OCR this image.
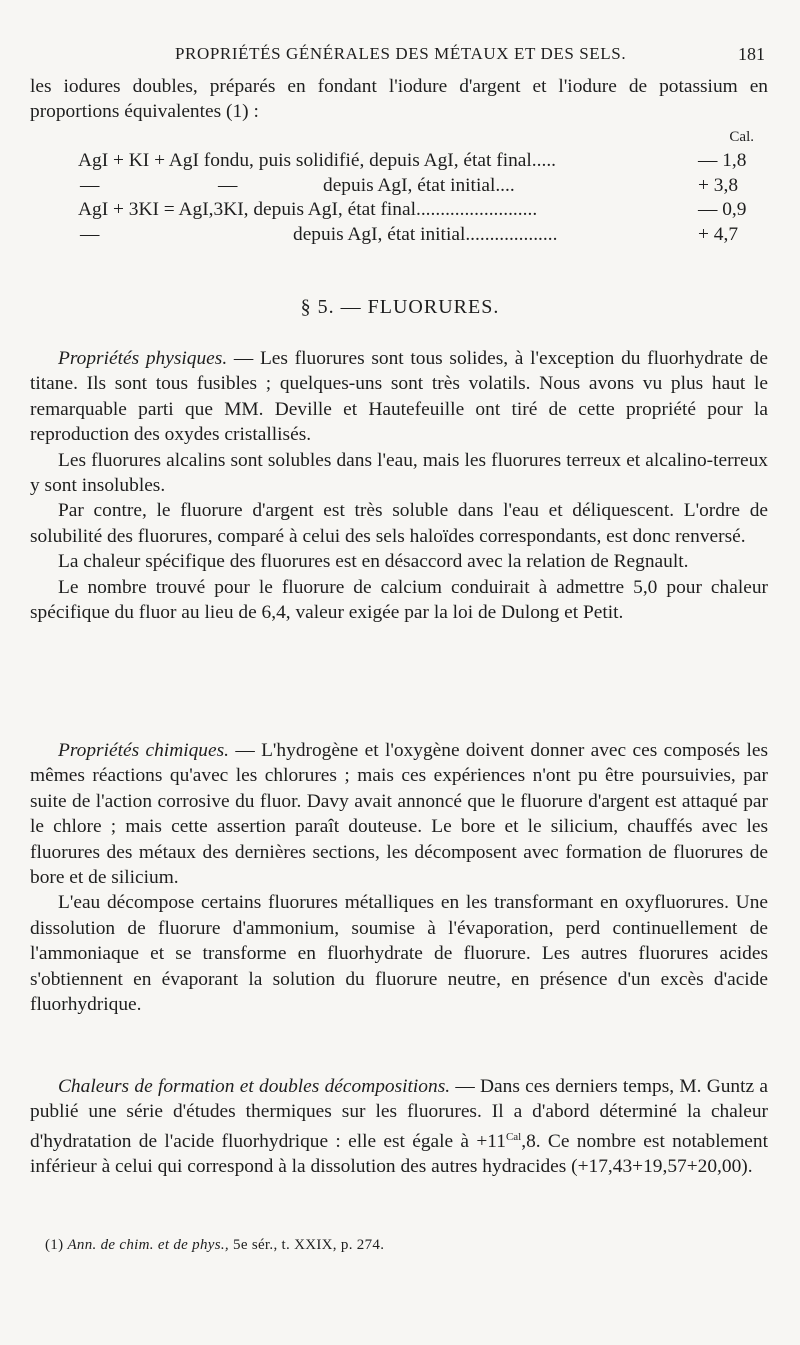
PROPRIÉTÉS GÉNÉRALES DES MÉTAUX ET DES SELS.	181

les iodures doubles, préparés en fondant l'iodure d'argent et l'iodure de potassium en proportions équivalentes (1) :

Cal.
AgI + KI + AgI fondu, puis solidifié, depuis AgI, état final.....	— 1,8
—	—	depuis AgI, état initial....	+ 3,8
AgI + 3KI = AgI,3KI, depuis AgI, état final.........................	— 0,9
—	depuis AgI, état initial...................	+ 4,7
§ 5. — FLUORURES.

Propriétés physiques. — Les fluorures sont tous solides, à l'exception du fluorhydrate de titane. Ils sont tous fusibles ; quelques-uns sont très volatils. Nous avons vu plus haut le remarquable parti que MM. Deville et Hautefeuille ont tiré de cette propriété pour la reproduction des oxydes cristallisés.

Les fluorures alcalins sont solubles dans l'eau, mais les fluorures terreux et alcalino-terreux y sont insolubles.

Par contre, le fluorure d'argent est très soluble dans l'eau et déliquescent. L'ordre de solubilité des fluorures, comparé à celui des sels haloïdes correspondants, est donc renversé.

La chaleur spécifique des fluorures est en désaccord avec la relation de Regnault.

Le nombre trouvé pour le fluorure de calcium conduirait à admettre 5,0 pour chaleur spécifique du fluor au lieu de 6,4, valeur exigée par la loi de Dulong et Petit.

Propriétés chimiques. — L'hydrogène et l'oxygène doivent donner avec ces composés les mêmes réactions qu'avec les chlorures ; mais ces expériences n'ont pu être poursuivies, par suite de l'action corrosive du fluor. Davy avait annoncé que le fluorure d'argent est attaqué par le chlore ; mais cette assertion paraît douteuse. Le bore et le silicium, chauffés avec les fluorures des métaux des dernières sections, les décomposent avec formation de fluorures de bore et de silicium.

L'eau décompose certains fluorures métalliques en les transformant en oxyfluorures. Une dissolution de fluorure d'ammonium, soumise à l'évaporation, perd continuellement de l'ammoniaque et se transforme en fluorhydrate de fluorure. Les autres fluorures acides s'obtiennent en évaporant la solution du fluorure neutre, en présence d'un excès d'acide fluorhydrique.

Chaleurs de formation et doubles décompositions. — Dans ces derniers temps, M. Guntz a publié une série d'études thermiques sur les fluorures. Il a d'abord déterminé la chaleur d'hydratation de l'acide fluorhydrique : elle est égale à $+11^{Cal},8$. Ce nombre est notablement inférieur à celui qui correspond à la dissolution des autres hydracides (+17,43+19,57+20,00).

(1) Ann. de chim. et de phys., 5e sér., t. XXIX, p. 274.
